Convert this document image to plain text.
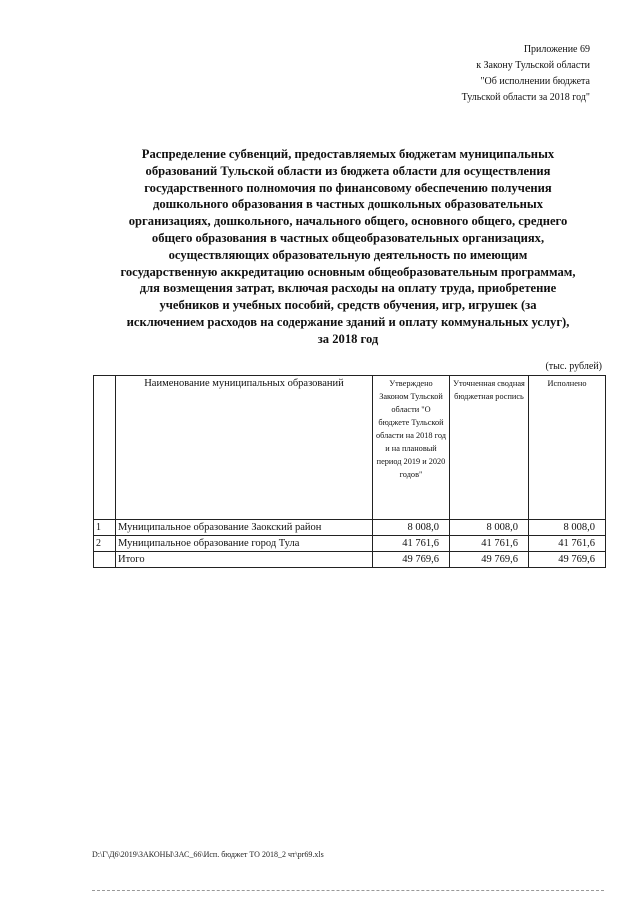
Приложение 69
к Закону Тульской области
"Об исполнении бюджета
Тульской области за 2018 год"
Распределение субвенций, предоставляемых бюджетам муниципальных
образований Тульской области из бюджета области для осуществления
государственного полномочия по финансовому обеспечению получения
дошкольного образования в частных дошкольных образовательных
организациях, дошкольного, начального общего, основного общего, среднего
общего образования в частных общеобразовательных организациях,
осуществляющих образовательную деятельность по имеющим
государственную аккредитацию основным общеобразовательным программам,
для возмещения затрат, включая расходы на оплату труда, приобретение
учебников и учебных пособий, средств обучения, игр, игрушек (за
исключением расходов на содержание зданий и оплату коммунальных услуг),
за 2018 год
(тыс. рублей)
	Наименование муниципальных образований	Утверждено Законом Тульской области "О бюджете Тульской области на 2018 год и на плановый период 2019 и 2020 годов"	Уточненная сводная бюджетная роспись	Исполнено
1	Муниципальное образование Заокский район	8 008,0	8 008,0	8 008,0
2	Муниципальное образование город Тула	41 761,6	41 761,6	41 761,6
	Итого	49 769,6	49 769,6	49 769,6
D:\Г\Д6\2019\ЗАКОНЫ\ЗАС_66\Исп. бюджет ТО 2018_2 чт\pr69.xls
